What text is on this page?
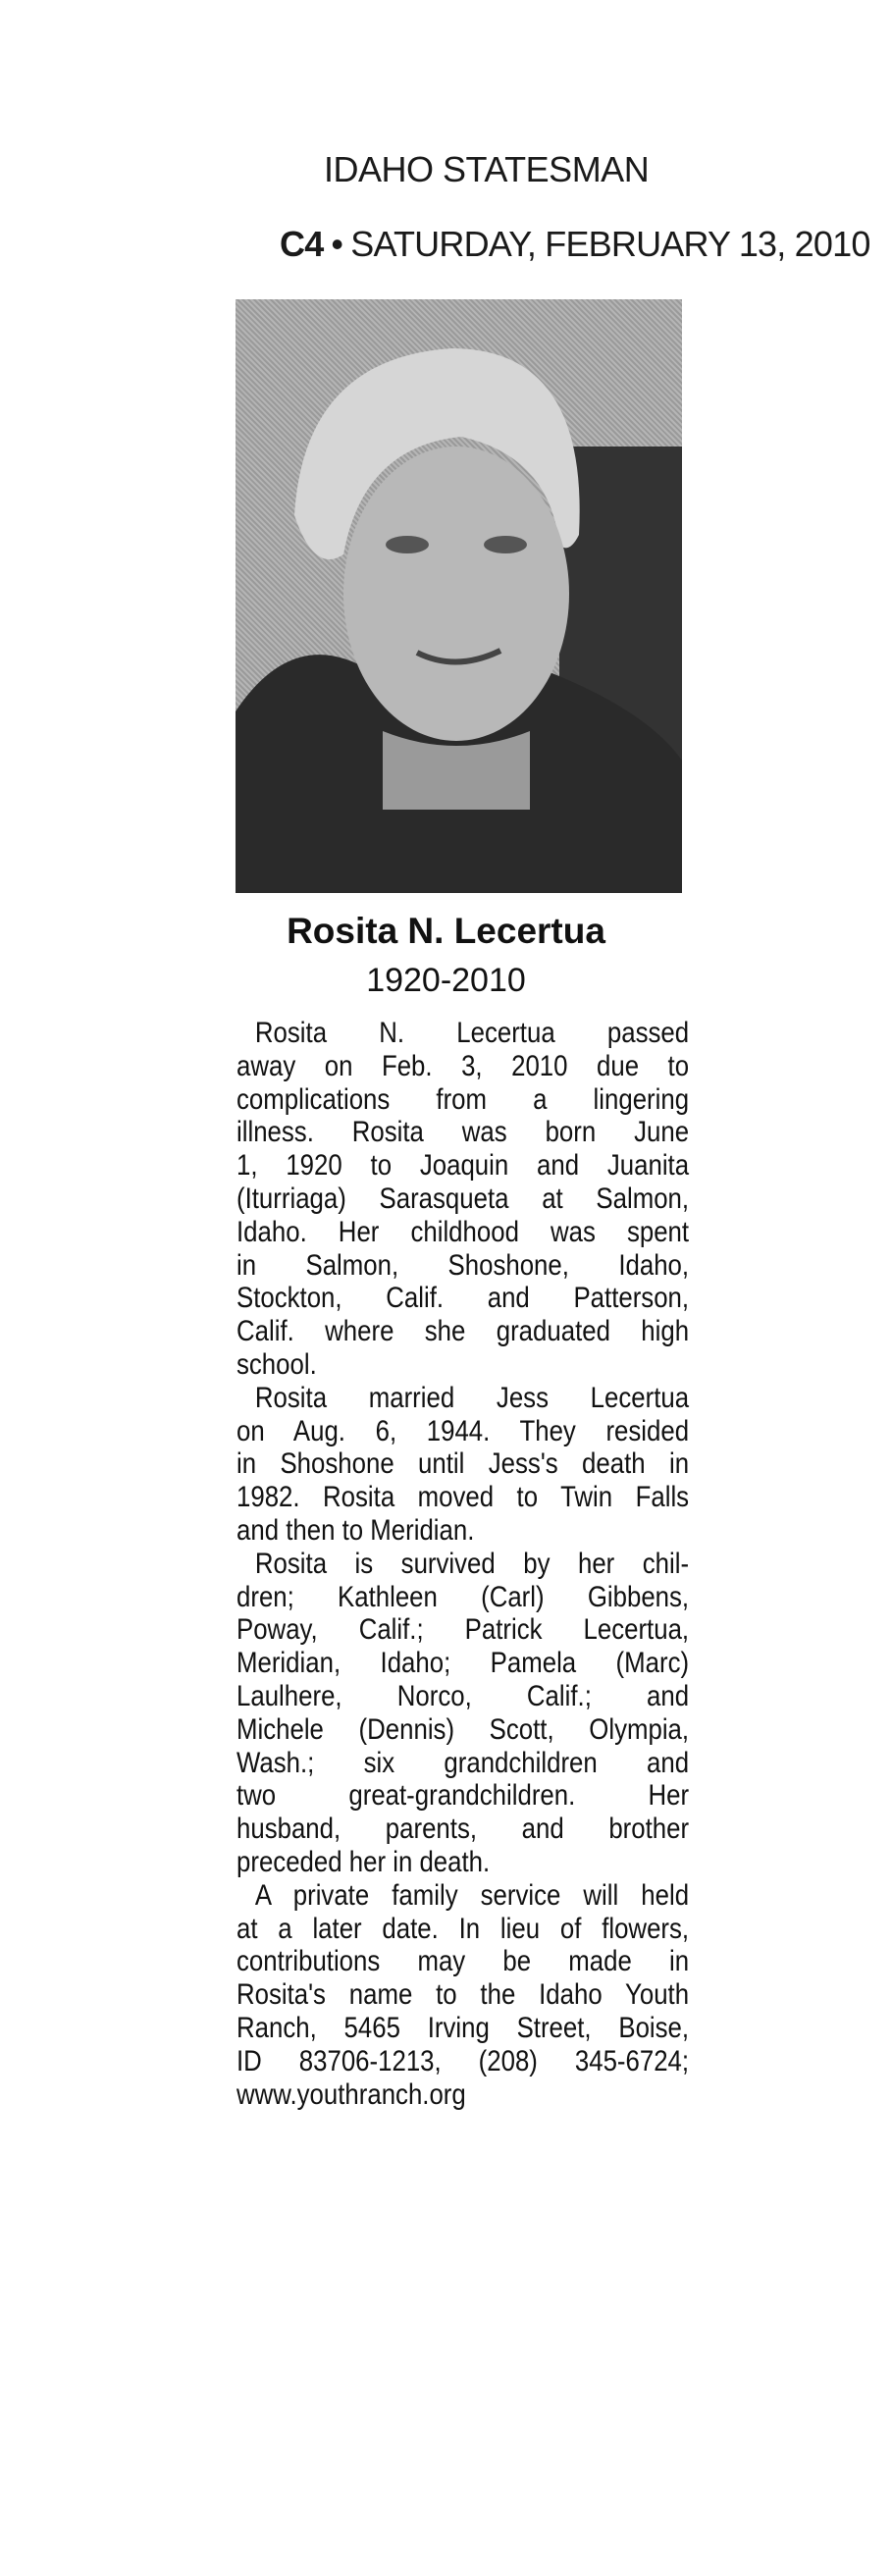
IDAHO STATESMAN
C4 • SATURDAY, FEBRUARY 13, 2010
Rosita N. Lecertua
1920-2010
Rosita N. Lecertua passed
away on Feb. 3, 2010 due to
complications from a lingering
illness. Rosita was born June
1, 1920 to Joaquin and Juanita
(Iturriaga) Sarasqueta at Salmon,
Idaho. Her childhood was spent
in Salmon, Shoshone, Idaho,
Stockton, Calif. and Patterson,
Calif. where she graduated high
school.
Rosita married Jess Lecertua
on Aug. 6, 1944. They resided
in Shoshone until Jess's death in
1982. Rosita moved to Twin Falls
and then to Meridian.
Rosita is survived by her chil-
dren; Kathleen (Carl) Gibbens,
Poway, Calif.; Patrick Lecertua,
Meridian, Idaho; Pamela (Marc)
Laulhere, Norco, Calif.; and
Michele (Dennis) Scott, Olympia,
Wash.; six grandchildren and
two great-grandchildren. Her
husband, parents, and brother
preceded her in death.
A private family service will held
at a later date. In lieu of flowers,
contributions may be made in
Rosita's name to the Idaho Youth
Ranch, 5465 Irving Street, Boise,
ID 83706-1213, (208) 345-6724;
www.youthranch.org
